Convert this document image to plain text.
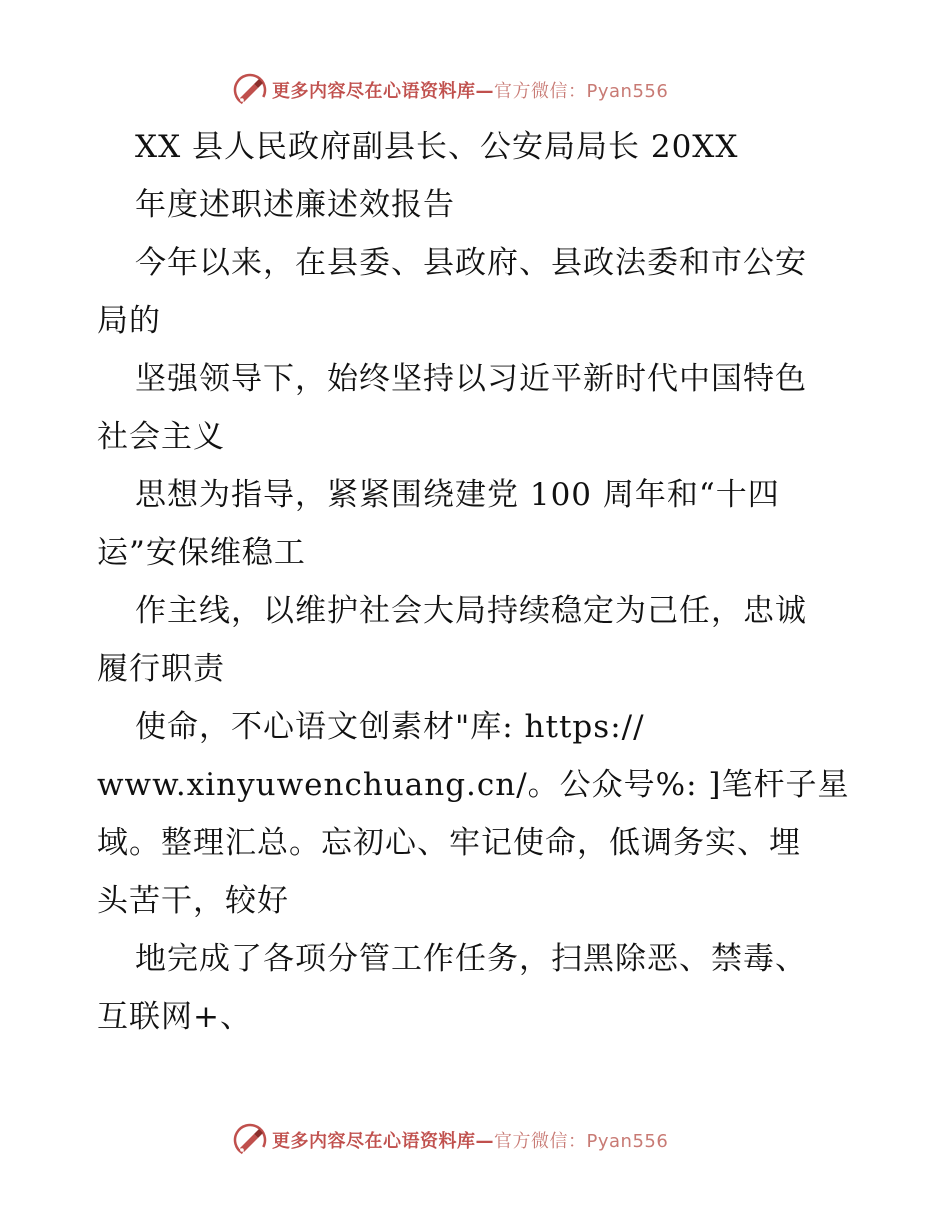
更多内容尽在心语资料库— 官方微信：Pyan556
XX 县人民政府副县长、公安局局长 20XX
年度述职述廉述效报告
今年以来，在县委、县政府、县政法委和市公安
局的
坚强领导下，始终坚持以习近平新时代中国特色
社会主义
思想为指导，紧紧围绕建党 100 周年和“十四
运”安保维稳工
作主线，以维护社会大局持续稳定为己任，忠诚
履行职责
使命，不心语文创素材"库: https://
www.xinyuwenchuang.cn/。公众号%: ]笔杆子星
域。整理汇总。忘初心、牢记使命，低调务实、埋
头苦干，较好
地完成了各项分管工作任务，扫黑除恶、禁毒、
互联网+、
更多内容尽在心语资料库— 官方微信：Pyan556
